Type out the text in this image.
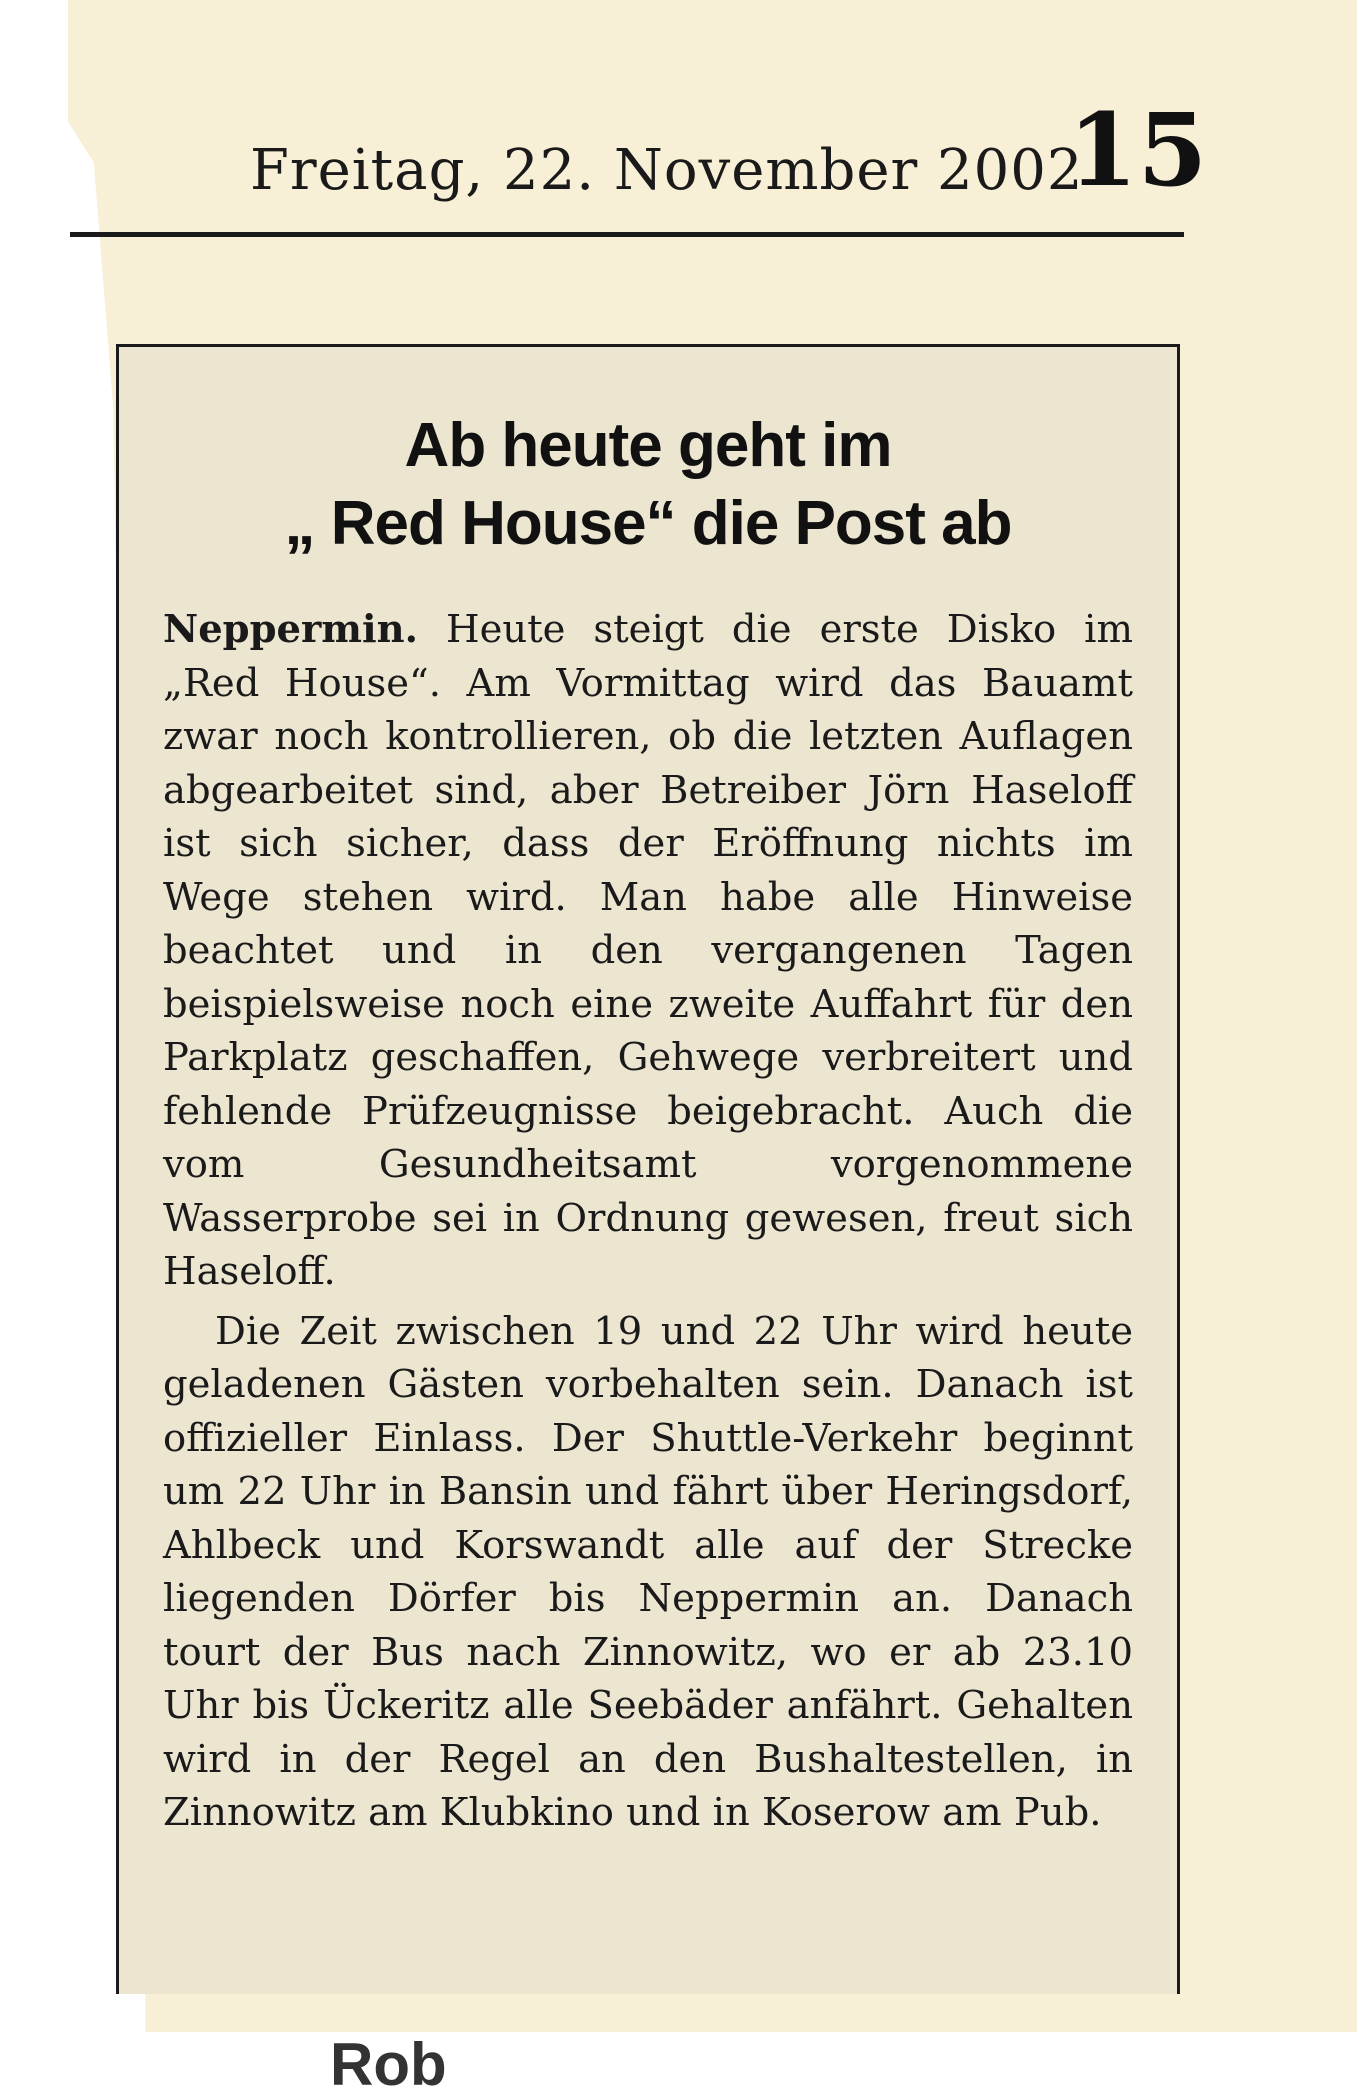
Freitag, 22. November 2002
15
Ab heute geht im
„ Red House“ die Post ab

Neppermin. Heute steigt die erste Disko im „Red House“. Am Vormittag wird das Bauamt zwar noch kontrollieren, ob die letzten Auflagen abgearbeitet sind, aber Betreiber Jörn Haseloff ist sich sicher, dass der Eröffnung nichts im Wege stehen wird. Man habe alle Hinweise beachtet und in den vergangenen Tagen beispielsweise noch eine zweite Auffahrt für den Parkplatz geschaffen, Gehwege verbreitert und fehlende Prüfzeugnisse beigebracht. Auch die vom Gesundheitsamt vorgenommene Wasserprobe sei in Ordnung gewesen, freut sich Haseloff.

Die Zeit zwischen 19 und 22 Uhr wird heute geladenen Gästen vorbehalten sein. Danach ist offizieller Einlass. Der Shuttle-Verkehr beginnt um 22 Uhr in Bansin und fährt über Heringsdorf, Ahlbeck und Korswandt alle auf der Strecke liegenden Dörfer bis Neppermin an. Danach tourt der Bus nach Zinnowitz, wo er ab 23.10 Uhr bis Ückeritz alle Seebäder anfährt. Gehalten wird in der Regel an den Bushaltestellen, in Zinnowitz am Klubkino und in Koserow am Pub.

Rob
